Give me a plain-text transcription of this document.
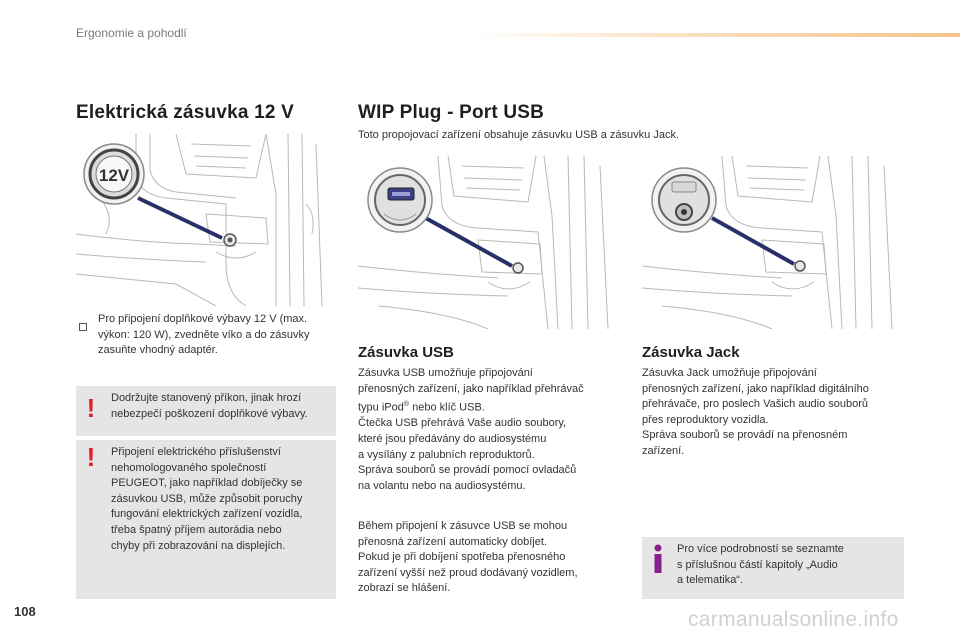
Ergonomie a pohodlí
Elektrická zásuvka 12 V
12V
Pro připojení doplňkové výbavy 12 V (max.
výkon: 120 W), zvedněte víko a do zásuvky
zasuňte vhodný adaptér.
!	Dodržujte stanovený příkon, jinak hrozí
nebezpečí poškození doplňkové výbavy.
!	Připojení elektrického příslušenství
nehomologovaného společností
PEUGEOT, jako například dobíječky se
zásuvkou USB, může způsobit poruchy
fungování elektrických zařízení vozidla,
třeba špatný příjem autorádia nebo
chyby při zobrazování na displejích.
WIP Plug - Port USB
Toto propojovací zařízení obsahuje zásuvku USB a zásuvku Jack.
Zásuvka USB
Zásuvka USB umožňuje připojování
přenosných zařízení, jako například přehrávač
typu iPod® nebo klíč USB.
Čtečka USB přehrává Vaše audio soubory,
které jsou předávány do audiosystému
a vysílány z palubních reproduktorů.
Správa souborů se provádí pomocí ovladačů
na volantu nebo na audiosystému.
Během připojení k zásuvce USB se mohou
přenosná zařízení automaticky dobíjet.
Pokud je při dobíjení spotřeba přenosného
zařízení vyšší než proud dodávaný vozidlem,
zobrazí se hlášení.
Zásuvka Jack
Zásuvka Jack umožňuje připojování
přenosných zařízení, jako například digitálního
přehrávače, pro poslech Vašich audio souborů
přes reproduktory vozidla.
Správa souborů se provádí na přenosném
zařízení.
Pro více podrobností se seznamte
s příslušnou částí kapitoly „Audio
a telematika“.
108	carmanualsonline.info
